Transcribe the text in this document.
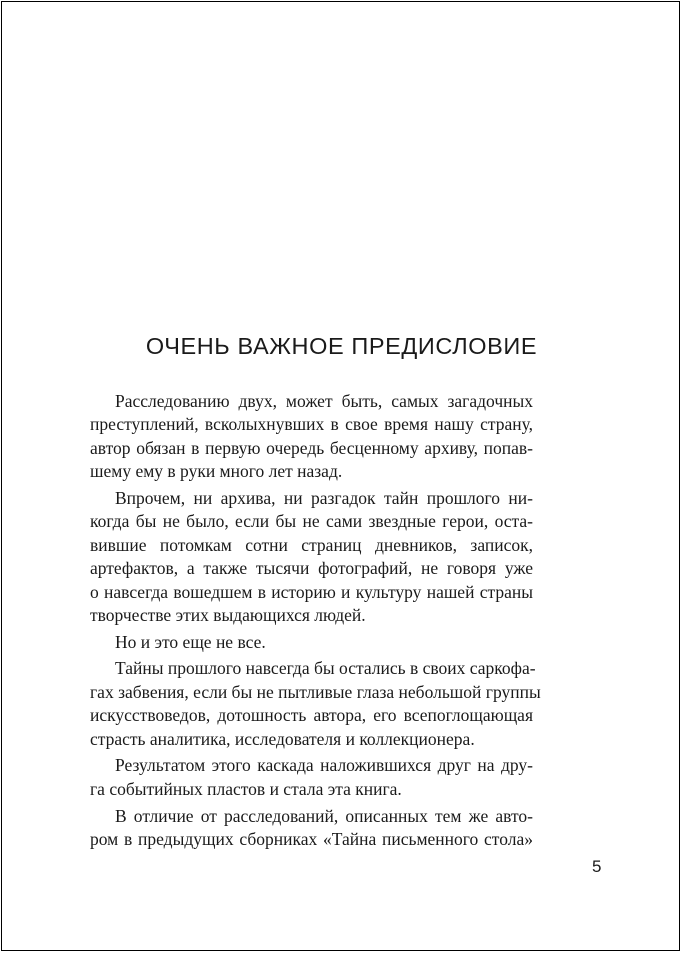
ОЧЕНЬ ВАЖНОЕ ПРЕДИСЛОВИЕ
Расследованию двух, может быть, самых загадочных
преступлений, всколыхнувших в свое время нашу страну,
автор обязан в первую очередь бесценному архиву, попав-
шему ему в руки много лет назад.
Впрочем, ни архива, ни разгадок тайн прошлого ни-
когда бы не было, если бы не сами звездные герои, оста-
вившие потомкам сотни страниц дневников, записок,
артефактов, а также тысячи фотографий, не говоря уже
о навсегда вошедшем в историю и культуру нашей страны
творчестве этих выдающихся людей.
Но и это еще не все.
Тайны прошлого навсегда бы остались в своих саркофа-
гах забвения, если бы не пытливые глаза небольшой группы
искусствоведов, дотошность автора, его всепоглощающая
страсть аналитика, исследователя и коллекционера.
Результатом этого каскада наложившихся друг на дру-
га событийных пластов и стала эта книга.
В отличие от расследований, описанных тем же авто-
ром в предыдущих сборниках «Тайна письменного стола»
5
